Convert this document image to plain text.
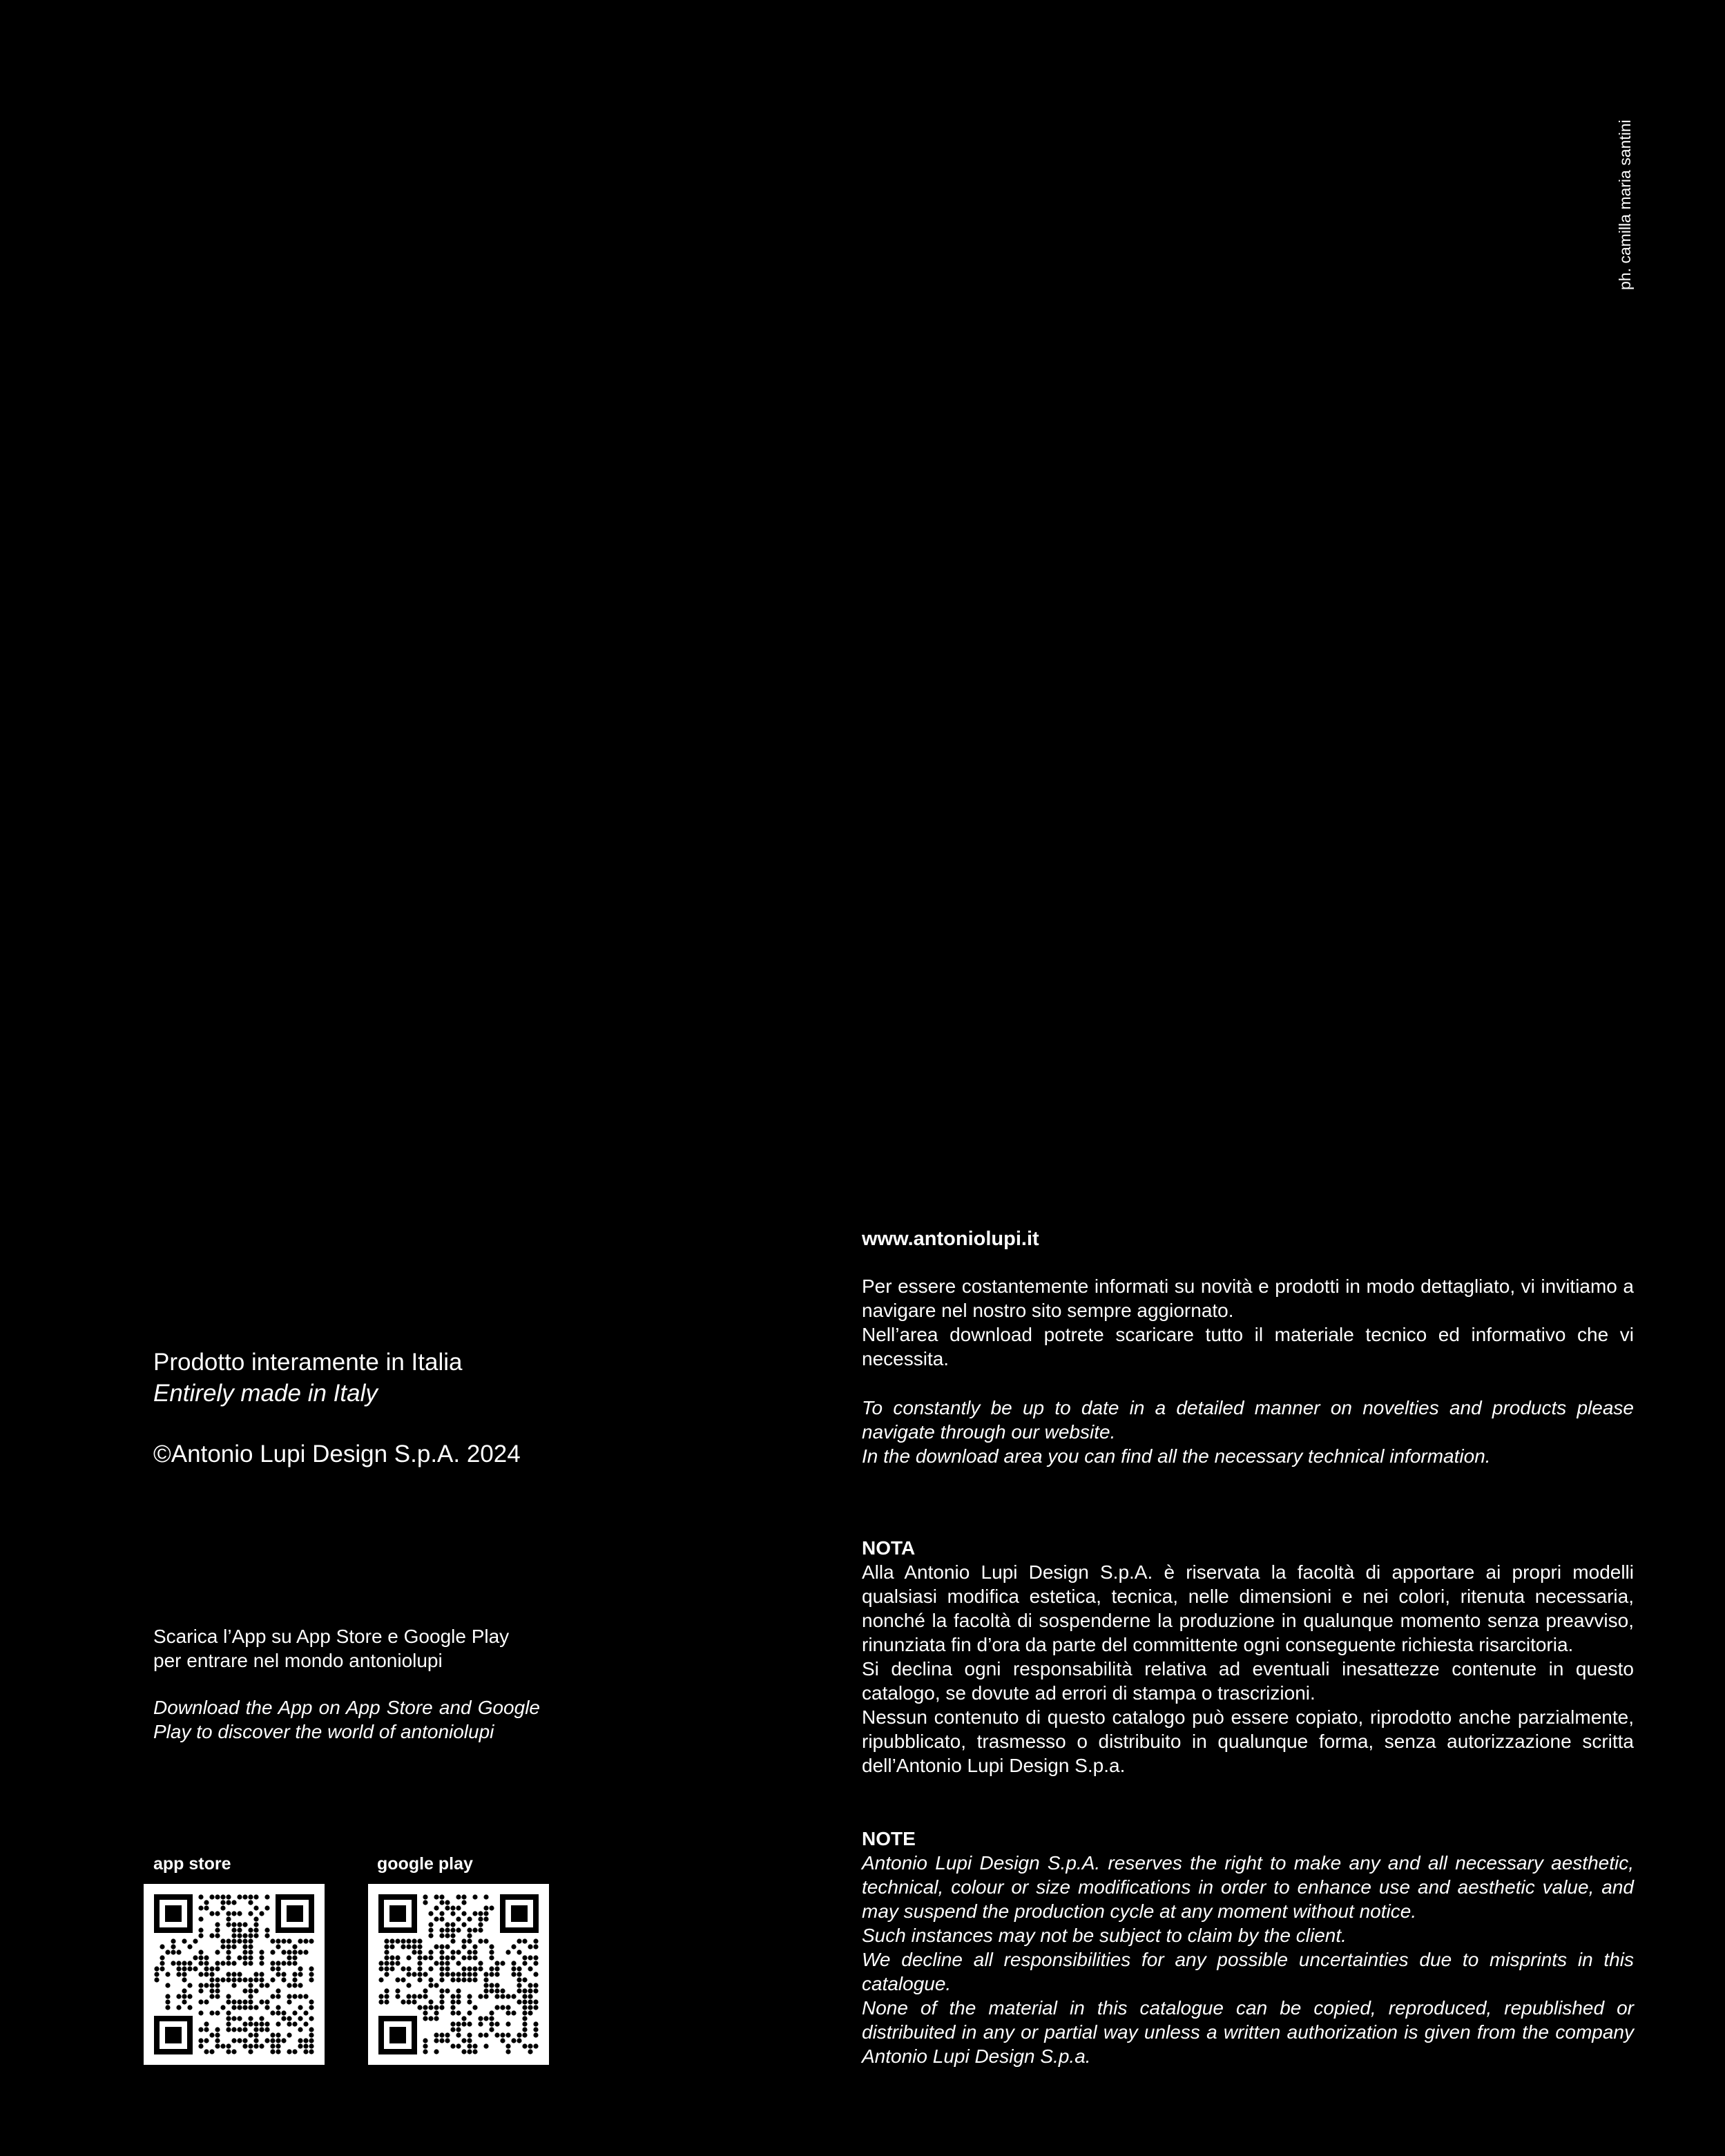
ph. camilla maria santini
Prodotto interamente in Italia
Entirely made in Italy
©Antonio Lupi Design S.p.A. 2024
Scarica l’App su App Store e Google Play
per entrare nel mondo antoniolupi
Download the App on App Store and Google Play to discover the world of antoniolupi
app store	google play
www.antoniolupi.it

Per essere costantemente informati su novità e prodotti in modo dettagliato, vi invitiamo a navigare nel nostro sito sempre aggiornato.

Nell’area download potrete scaricare tutto il materiale tecnico ed informativo che vi necessita.

To constantly be up to date in a detailed manner on novelties and products please navigate through our website.

In the download area you can find all the necessary technical information.

NOTA

Alla Antonio Lupi Design S.p.A. è riservata la facoltà di apportare ai propri modelli qualsiasi modifica estetica, tecnica, nelle dimensioni e nei colori, ritenuta necessaria, nonché la facoltà di sospenderne la produzione in qualunque momento senza preavviso, rinunziata fin d’ora da parte del committente ogni conseguente richiesta risarcitoria.

Si declina ogni responsabilità relativa ad eventuali inesattezze contenute in questo catalogo, se dovute ad errori di stampa o trascrizioni.

Nessun contenuto di questo catalogo può essere copiato, riprodotto anche parzialmente, ripubblicato, trasmesso o distribuito in qualunque forma, senza autorizzazione scritta dell’Antonio Lupi Design S.p.a.

NOTE

Antonio Lupi Design S.p.A. reserves the right to make any and all necessary aesthetic, technical, colour or size modifications in order to enhance use and aesthetic value, and may suspend the production cycle at any moment without notice.

Such instances may not be subject to claim by the client.

We decline all responsibilities for any possible uncertainties due to misprints in this catalogue.

None of the material in this catalogue can be copied, reproduced, republished or distribuited in any or partial way unless a written authorization is given from the company Antonio Lupi Design S.p.a.
